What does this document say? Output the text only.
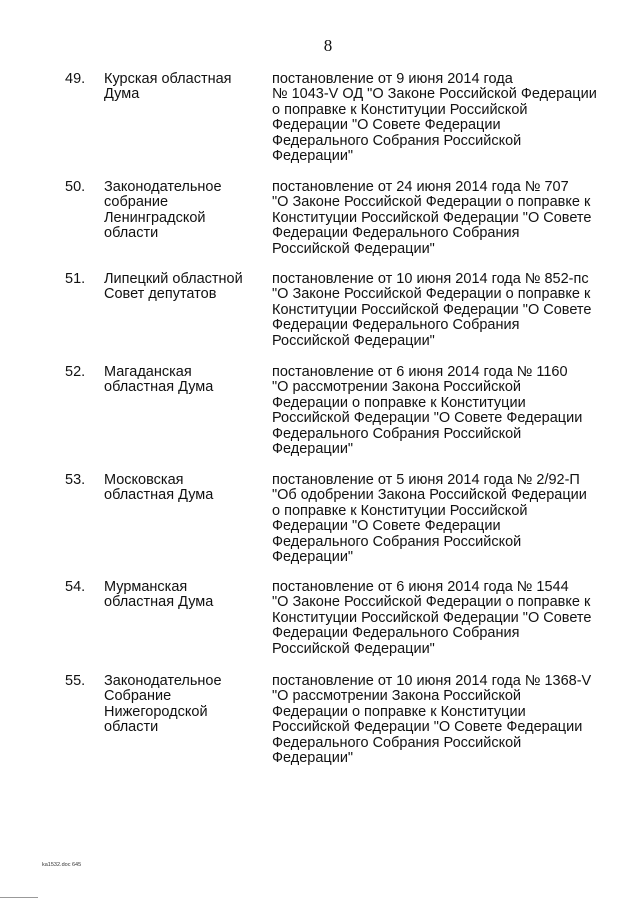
8
49. Курская областная
Дума
постановление от 9 июня 2014 года
№ 1043-V ОД "О Законе Российской Федерации
о поправке к Конституции Российской
Федерации "О Совете Федерации
Федерального Собрания Российской
Федерации"
50. Законодательное
собрание
Ленинградской
области
постановление от 24 июня 2014 года № 707
"О Законе Российской Федерации о поправке к
Конституции Российской Федерации "О Совете
Федерации Федерального Собрания
Российской Федерации"
51. Липецкий областной
Совет депутатов
постановление от 10 июня 2014 года № 852-пс
"О Законе Российской Федерации о поправке к
Конституции Российской Федерации "О Совете
Федерации Федерального Собрания
Российской Федерации"
52. Магаданская
областная Дума
постановление от 6 июня 2014 года № 1160
"О рассмотрении Закона Российской
Федерации о поправке к Конституции
Российской Федерации "О Совете Федерации
Федерального Собрания Российской
Федерации"
53. Московская
областная Дума
постановление от 5 июня 2014 года № 2/92-П
"Об одобрении Закона Российской Федерации
о поправке к Конституции Российской
Федерации "О Совете Федерации
Федерального Собрания Российской
Федерации"
54. Мурманская
областная Дума
постановление от 6 июня 2014 года № 1544
"О Законе Российской Федерации о поправке к
Конституции Российской Федерации "О Совете
Федерации Федерального Собрания
Российской Федерации"
55. Законодательное
Собрание
Нижегородской
области
постановление от 10 июня 2014 года № 1368-V
"О рассмотрении Закона Российской
Федерации о поправке к Конституции
Российской Федерации "О Совете Федерации
Федерального Собрания Российской
Федерации"
ka1532.doc 645
